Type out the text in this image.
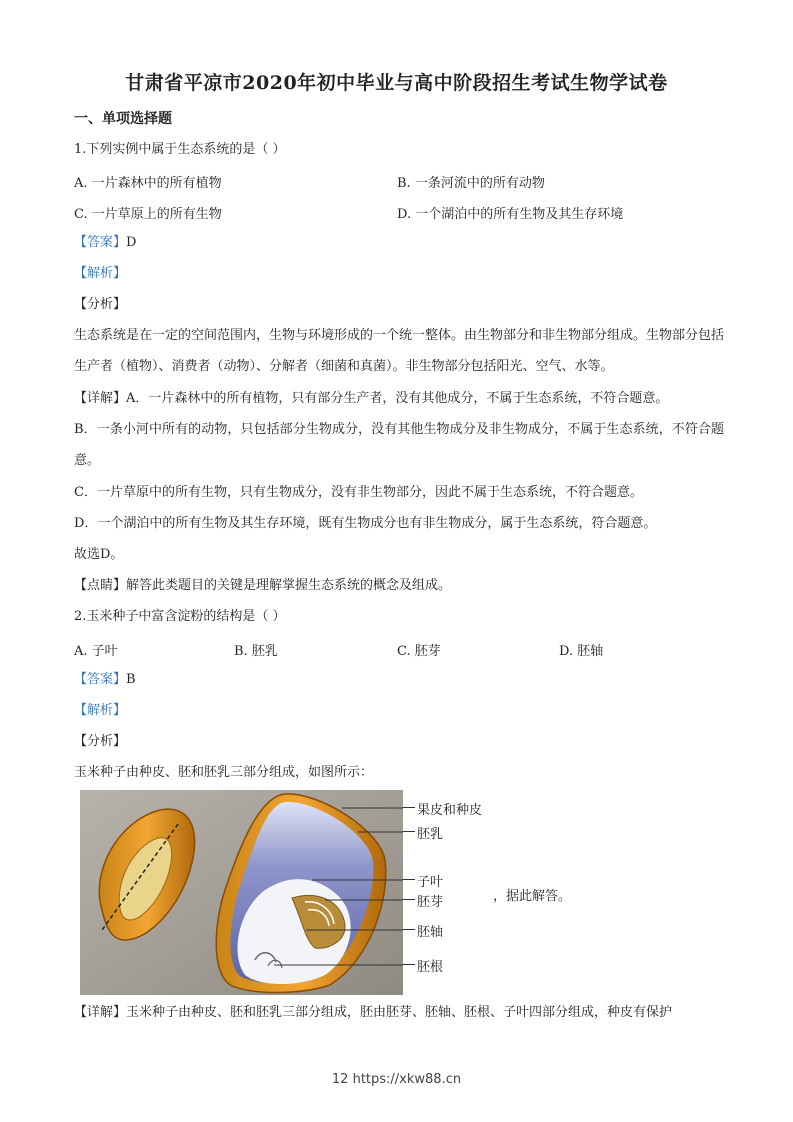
甘肃省平凉市2020年初中毕业与高中阶段招生考试生物学试卷
一、单项选择题
1.下列实例中属于生态系统的是（ ）
A. 一片森林中的所有植物	B. 一条河流中的所有动物
C. 一片草原上的所有生物	D. 一个湖泊中的所有生物及其生存环境
【答案】D
【解析】
【分析】
生态系统是在一定的空间范围内，生物与环境形成的一个统一整体。由生物部分和非生物部分组成。生物部分包括生产者（植物）、消费者（动物）、分解者（细菌和真菌）。非生物部分包括阳光、空气、水等。
【详解】A．一片森林中的所有植物，只有部分生产者，没有其他成分，不属于生态系统，不符合题意。
B．一条小河中所有的动物，只包括部分生物成分，没有其他生物成分及非生物成分，不属于生态系统，不符合题意。
C．一片草原中的所有生物，只有生物成分，没有非生物部分，因此不属于生态系统，不符合题意。
D．一个湖泊中的所有生物及其生存环境，既有生物成分也有非生物成分，属于生态系统，符合题意。
故选D。
【点睛】解答此类题目的关键是理解掌握生态系统的概念及组成。
2.玉米种子中富含淀粉的结构是（ ）
A. 子叶	B. 胚乳	C. 胚芽	D. 胚轴
【答案】B
【解析】
【分析】
玉米种子由种皮、胚和胚乳三部分组成，如图所示：
果皮和种皮
胚乳
子叶
胚芽
胚轴
胚根
，据此解答。
【详解】玉米种子由种皮、胚和胚乳三部分组成，胚由胚芽、胚轴、胚根、子叶四部分组成，种皮有保护
12 https://xkw88.cn
